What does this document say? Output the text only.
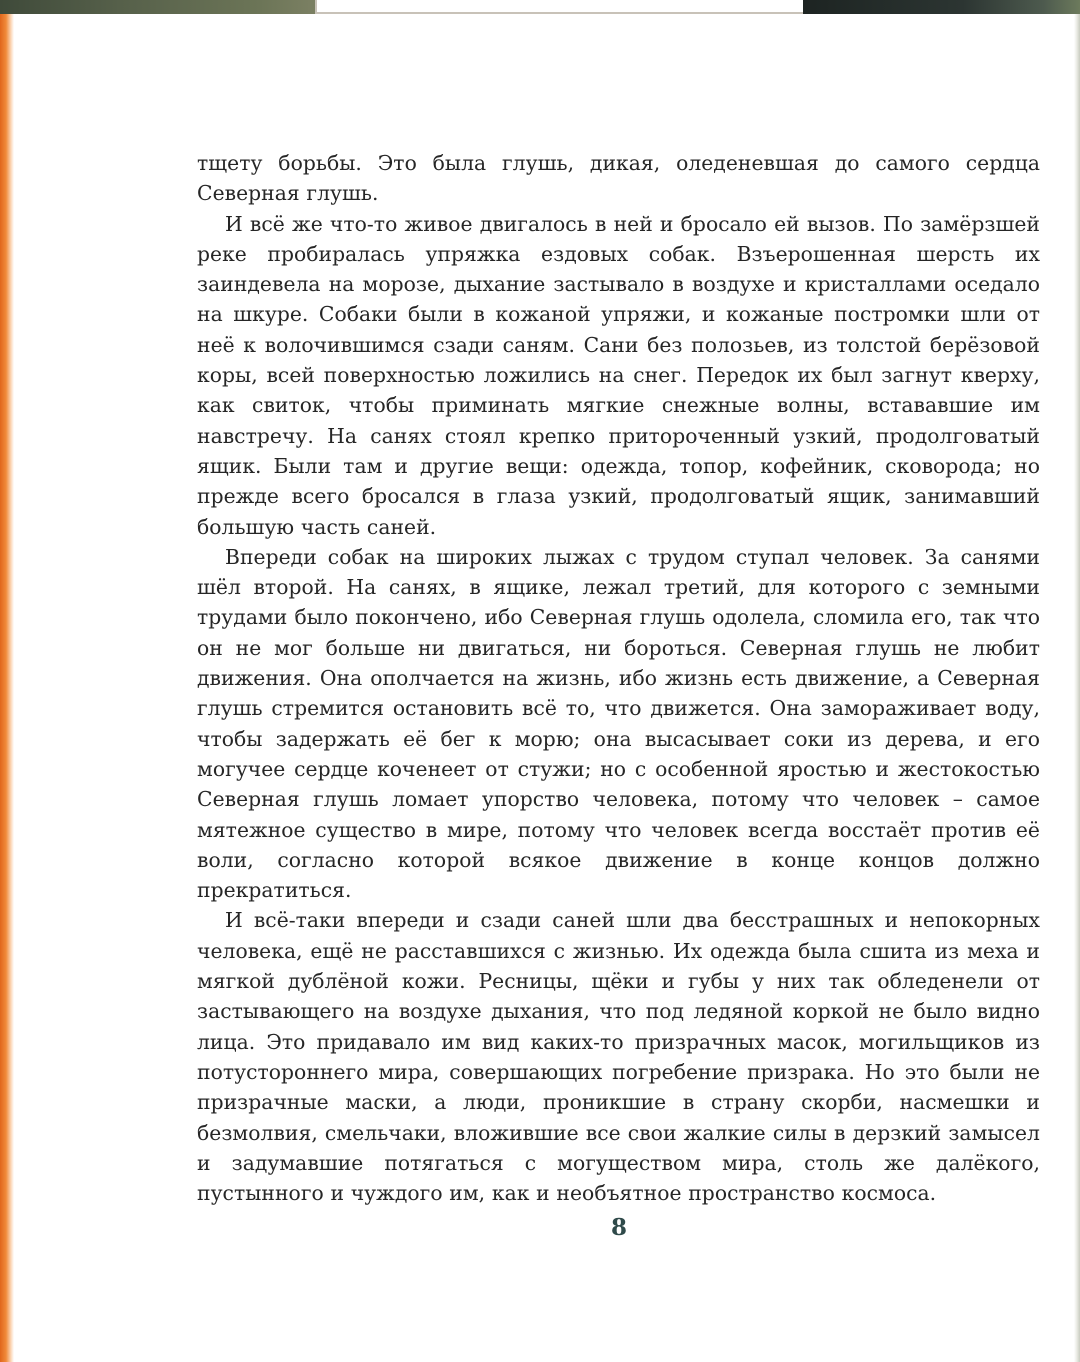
тщету борьбы. Это была глушь, дикая, оледеневшая до самого сердца Северная глушь.

И всё же что-то живое двигалось в ней и бросало ей вызов. По замёрзшей реке пробиралась упряжка ездовых собак. Взъерошенная шерсть их заиндевела на морозе, дыхание застывало в воздухе и кристаллами оседало на шкуре. Собаки были в кожаной упряжи, и кожаные постромки шли от неё к волочившимся сзади саням. Сани без полозьев, из толстой берёзовой коры, всей поверхностью ложились на снег. Передок их был загнут кверху, как свиток, чтобы приминать мягкие снежные волны, встававшие им навстречу. На санях стоял крепко притороченный узкий, продолговатый ящик. Были там и другие вещи: одежда, топор, кофейник, сковорода; но прежде всего бросался в глаза узкий, продолговатый ящик, занимавший большую часть саней.

Впереди собак на широких лыжах с трудом ступал человек. За санями шёл второй. На санях, в ящике, лежал третий, для которого с земными трудами было покончено, ибо Северная глушь одолела, сломила его, так что он не мог больше ни двигаться, ни бороться. Северная глушь не любит движения. Она ополчается на жизнь, ибо жизнь есть движение, а Северная глушь стремится остановить всё то, что движется. Она замораживает воду, чтобы задержать её бег к морю; она высасывает соки из дерева, и его могучее сердце коченеет от стужи; но с особенной яростью и жестокостью Северная глушь ломает упорство человека, потому что человек – самое мятежное существо в мире, потому что человек всегда восстаёт против её воли, согласно которой всякое движение в конце концов должно прекратиться.

И всё-таки впереди и сзади саней шли два бесстрашных и непокорных человека, ещё не расставшихся с жизнью. Их одежда была сшита из меха и мягкой дублёной кожи. Ресницы, щёки и губы у них так обледенели от застывающего на воздухе дыхания, что под ледяной коркой не было видно лица. Это придавало им вид каких-то призрачных масок, могильщиков из потустороннего мира, совершающих погребение призрака. Но это были не призрачные маски, а люди, проникшие в страну скорби, насмешки и безмолвия, смельчаки, вложившие все свои жалкие силы в дерзкий замысел и задумавшие потягаться с могуществом мира, столь же далёкого, пустынного и чуждого им, как и необъятное пространство космоса.

8
